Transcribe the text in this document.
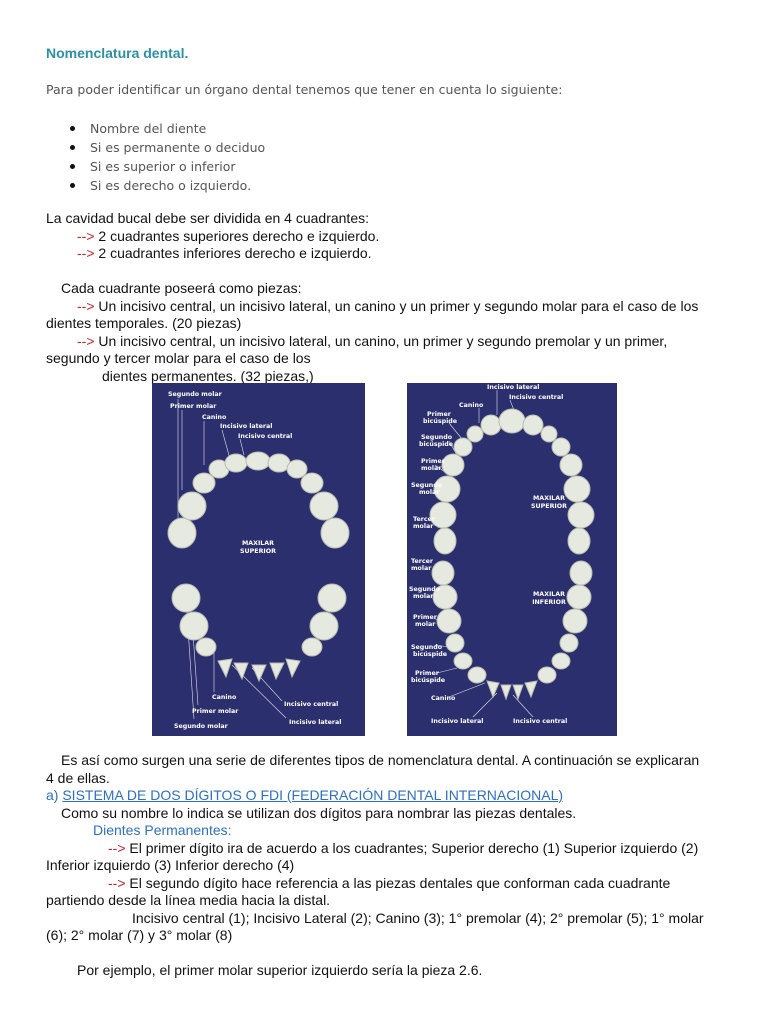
Nomenclatura dental.
Para poder identificar un órgano dental tenemos que tener en cuenta lo siguiente:
Nombre del diente
Si es permanente o deciduo
Si es superior o inferior
Si es derecho o izquierdo.
La cavidad bucal debe ser dividida en 4 cuadrantes:
--> 2 cuadrantes superiores derecho e izquierdo.
--> 2 cuadrantes inferiores derecho e izquierdo.
Cada cuadrante poseerá como piezas:
--> Un incisivo central, un incisivo lateral, un canino y un primer y segundo molar para el caso de los
dientes temporales. (20 piezas)
--> Un incisivo central, un incisivo lateral, un canino, un primer y segundo premolar y un primer,
segundo y tercer molar para el caso de los
dientes permanentes. (32 piezas,)
Segundo molar
Primer molar
Canino
Incisivo lateral
Incisivo central
MAXILAR
SUPERIOR
Canino
Primer molar
Segundo molar
Incisivo central
Incisivo lateral
Incisivo lateral
Incisivo central
Canino
Primer
bicúspide
Segundo
bicúspide
Primer
molar
Segundo
molar
Tercer
molar
MAXILAR
SUPERIOR
MAXILAR
INFERIOR
Tercer
molar
Segundo
molar
Primer
molar
Segundo
bicúspide
Primer
bicúspide
Canino
Incisivo lateral	Incisivo central
Es así como surgen una serie de diferentes tipos de nomenclatura dental. A continuación se explicaran
4 de ellas.
a) SISTEMA DE DOS DÍGITOS O FDI (FEDERACIÓN DENTAL INTERNACIONAL)
Como su nombre lo indica se utilizan dos dígitos para nombrar las piezas dentales.
Dientes Permanentes:
--> El primer dígito ira de acuerdo a los cuadrantes; Superior derecho (1) Superior izquierdo (2)
Inferior izquierdo (3) Inferior derecho (4)
--> El segundo dígito hace referencia a las piezas dentales que conforman cada cuadrante
partiendo desde la línea media hacia la distal.
Incisivo central (1); Incisivo Lateral (2); Canino (3); 1° premolar (4); 2° premolar (5); 1° molar
(6); 2° molar (7) y 3° molar (8)
Por ejemplo, el primer molar superior izquierdo sería la pieza 2.6.
